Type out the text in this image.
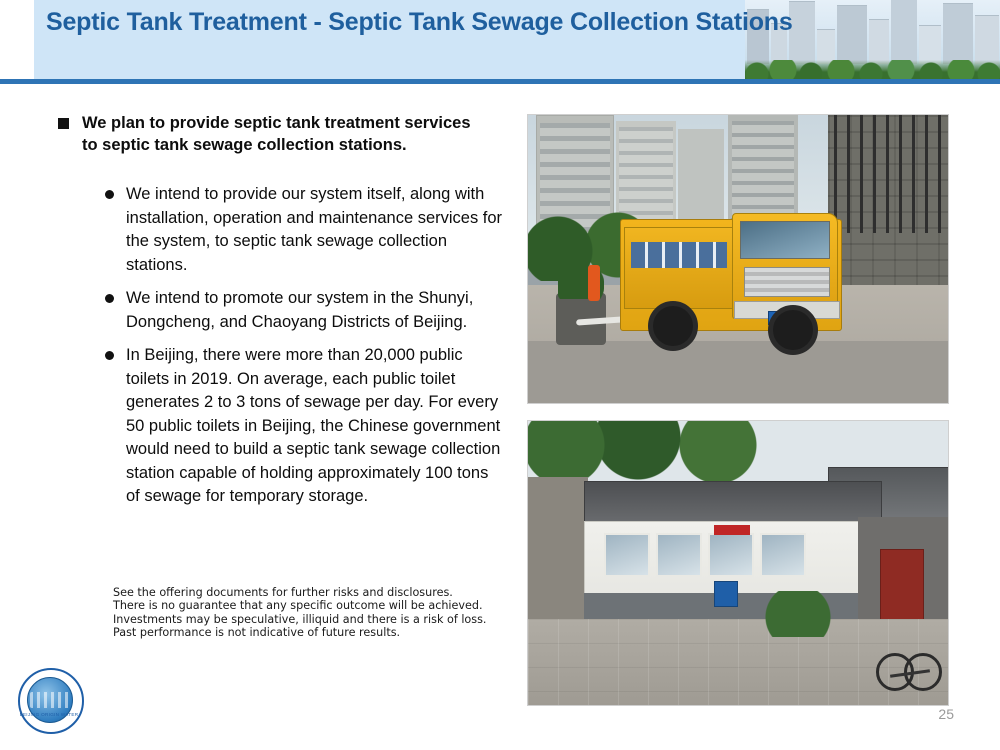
Septic Tank Treatment - Septic Tank Sewage Collection Stations
We plan to provide septic tank treatment services to septic tank sewage collection stations.
We intend to provide our system itself, along with installation, operation and maintenance services for the system, to septic tank sewage collection stations.
We intend to promote our system in the Shunyi, Dongcheng, and Chaoyang Districts of Beijing.
In Beijing, there were more than 20,000 public toilets in 2019. On average, each public toilet generates 2 to 3 tons of sewage per day. For every 50 public toilets in Beijing, the Chinese government would need to build a septic tank sewage collection station capable of holding approximately 100 tons of sewage for temporary storage.
See the offering documents for further risks and disclosures. There is no guarantee that any specific outcome will be achieved. Investments may be speculative, illiquid and there is a risk of loss. Past performance is not indicative of future results.
BEIJING ORIGIN WATER	25
